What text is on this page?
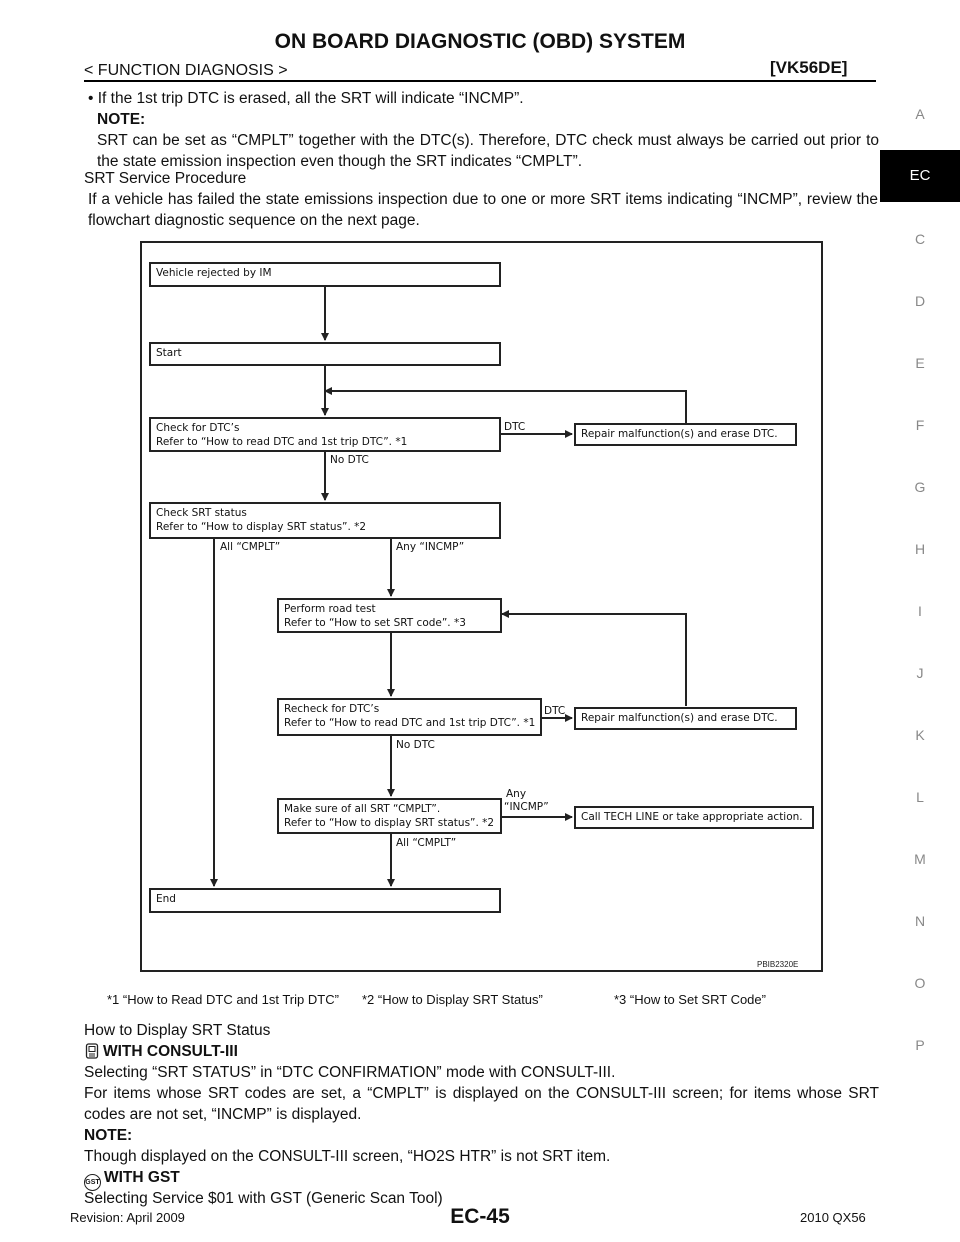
ON BOARD DIAGNOSTIC (OBD) SYSTEM
< FUNCTION DIAGNOSIS >	[VK56DE]
• If the 1st trip DTC is erased, all the SRT will indicate “INCMP”.
NOTE:
SRT can be set as “CMPLT” together with the DTC(s). Therefore, DTC check must always be carried out prior to the state emission inspection even though the SRT indicates “CMPLT”.
SRT Service Procedure
If a vehicle has failed the state emissions inspection due to one or more SRT items indicating “INCMP”, review the flowchart diagnostic sequence on the next page.
Vehicle rejected by IM
Start
Check for DTC’s
Refer to “How to read DTC and 1st trip DTC”. *1
Repair malfunction(s) and erase DTC.
Check SRT status
Refer to “How to display SRT status”. *2
Perform road test
Refer to “How to set SRT code”. *3
Recheck for DTC’s
Refer to “How to read DTC and 1st trip DTC”. *1	Repair malfunction(s) and erase DTC.
Make sure of all SRT “CMPLT”.
Refer to “How to display SRT status”. *2	Call TECH LINE or take appropriate action.
End
DTC
No DTC
All “CMPLT”	Any “INCMP”
DTC
No DTC
Any
“INCMP”
All “CMPLT”
PBIB2320E
*1 “How to Read DTC and 1st Trip DTC” *2 “How to Display SRT Status”	*3 “How to Set SRT Code”
How to Display SRT Status
WITH CONSULT-III
Selecting “SRT STATUS” in “DTC CONFIRMATION” mode with CONSULT-III.
For items whose SRT codes are set, a “CMPLT” is displayed on the CONSULT-III screen; for items whose SRT codes are not set, “INCMP” is displayed.
NOTE:
Though displayed on the CONSULT-III screen, “HO2S HTR” is not SRT item.
GST WITH GST
Selecting Service $01 with GST (Generic Scan Tool)
A
EC
C
D
E
F
G
H
I
J
K
L
M
N
O
P
Revision: April 2009	EC-45	2010 QX56
